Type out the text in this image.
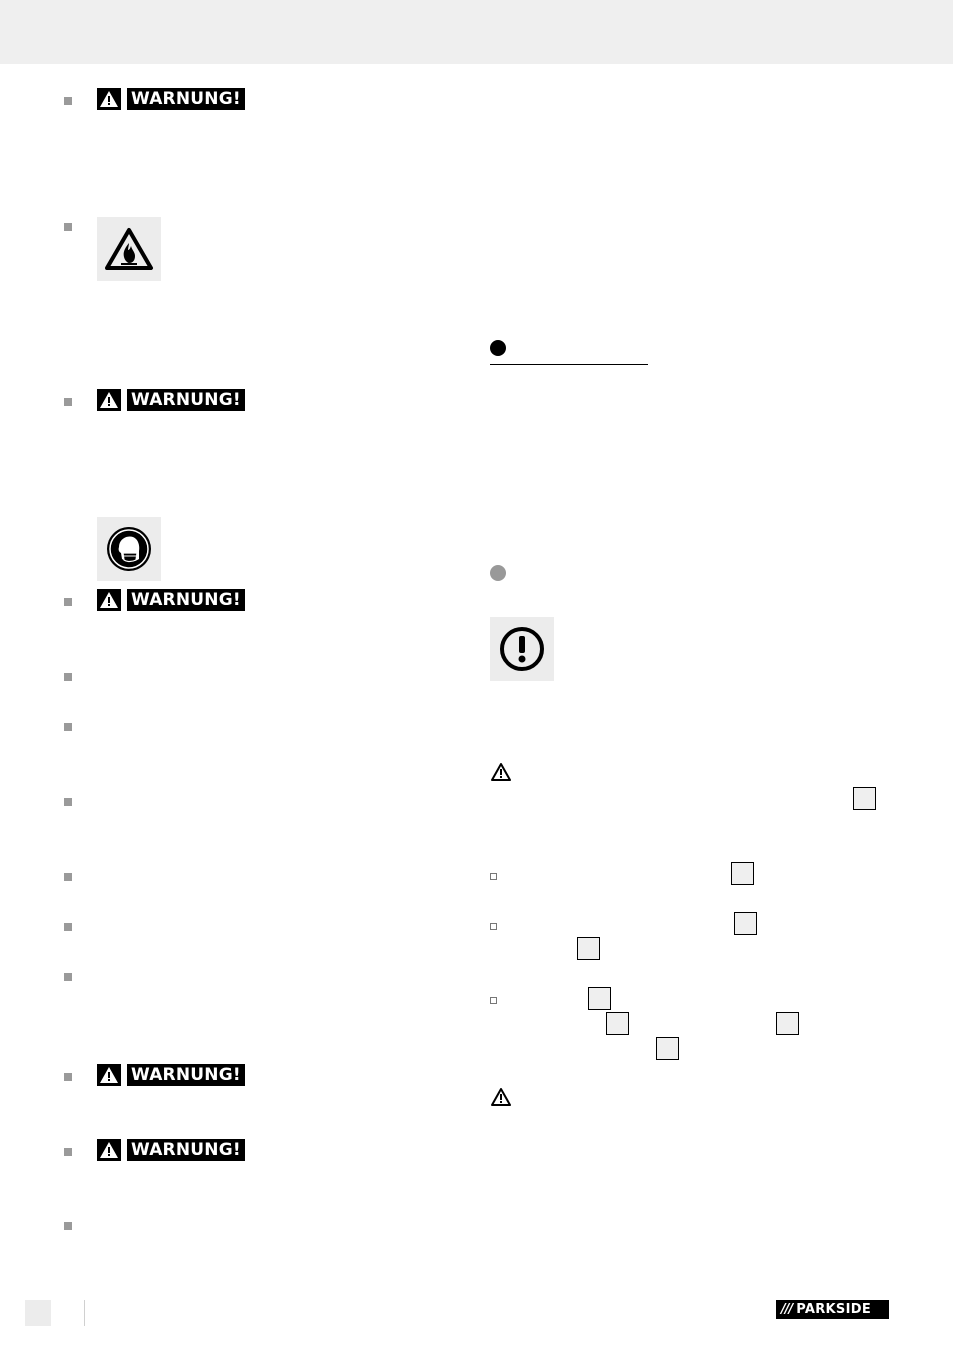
WARNUNG!
WARNUNG!
WARNUNG!
WARNUNG!
WARNUNG!
/// PARKSIDE
